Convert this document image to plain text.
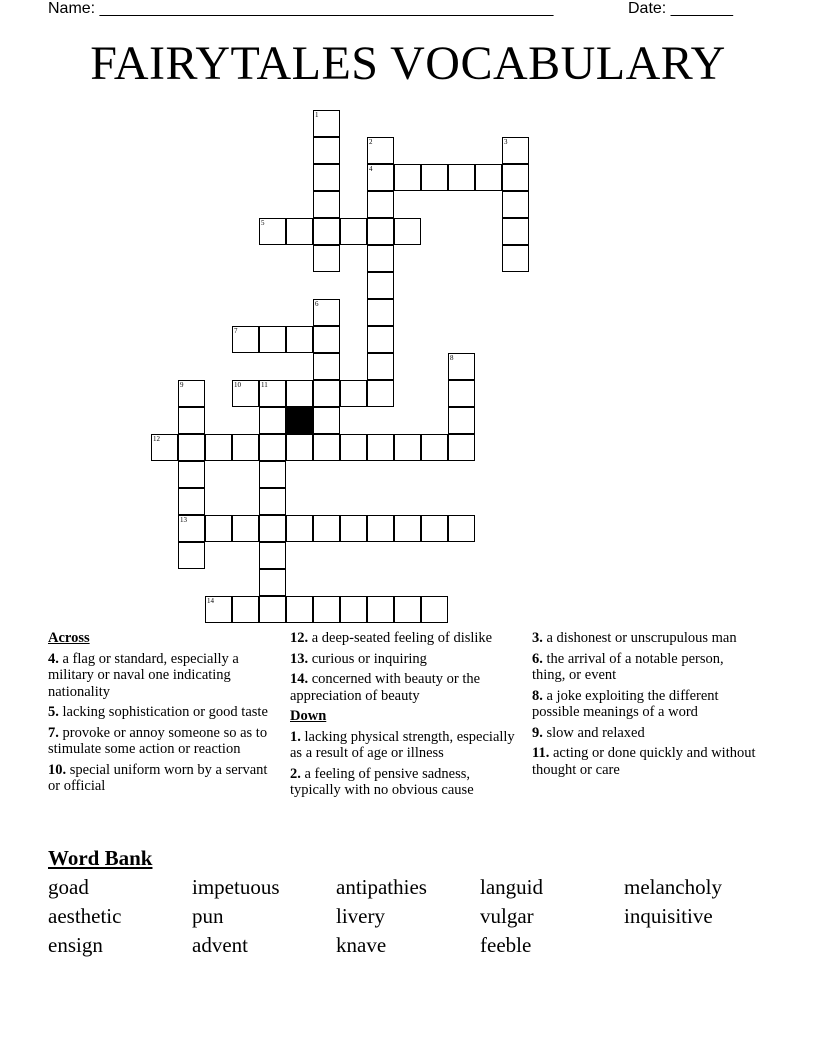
Name: ___________________________________________________	Date: _______
FAIRYTALES VOCABULARY
1
2
4
3
5
6
7
8
9
13
10	11
12
14
Across
4. a flag or standard, especially a military or naval one indicating nationality
5. lacking sophistication or good taste
7. provoke or annoy someone so as to stimulate some action or reaction
10. special uniform worn by a servant or official
12. a deep-seated feeling of dislike
13. curious or inquiring
14. concerned with beauty or the appreciation of beauty
Down
1. lacking physical strength, especially as a result of age or illness
2. a feeling of pensive sadness, typically with no obvious cause
3. a dishonest or unscrupulous man
6. the arrival of a notable person, thing, or event
8. a joke exploiting the different possible meanings of a word
9. slow and relaxed
11. acting or done quickly and without thought or care
Word Bank
goad	impetuous	antipathies	languid	melancholy
aesthetic	pun	livery	vulgar	inquisitive
ensign	advent	knave	feeble
